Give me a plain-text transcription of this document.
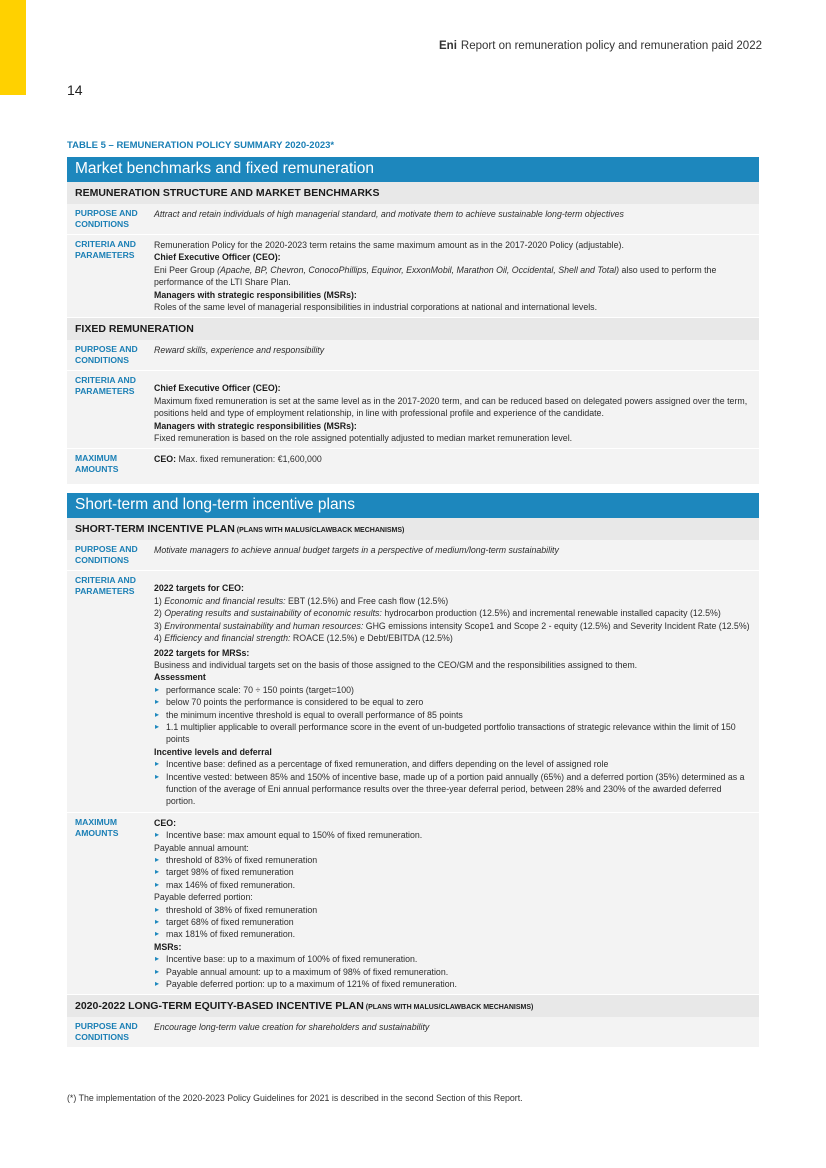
Eni Report on remuneration policy and remuneration paid 2022
14
TABLE 5 – REMUNERATION POLICY SUMMARY 2020-2023*
Market benchmarks and fixed remuneration
REMUNERATION STRUCTURE AND MARKET BENCHMARKS
PURPOSE AND CONDITIONS
Attract and retain individuals of high managerial standard, and motivate them to achieve sustainable long-term objectives
CRITERIA AND PARAMETERS
Remuneration Policy for the 2020-2023 term retains the same maximum amount as in the 2017-2020 Policy (adjustable).
Chief Executive Officer (CEO):
Eni Peer Group (Apache, BP, Chevron, ConocoPhillips, Equinor, ExxonMobil, Marathon Oil, Occidental, Shell and Total) also used to perform the performance of the LTI Share Plan.
Managers with strategic responsibilities (MSRs):
Roles of the same level of managerial responsibilities in industrial corporations at national and international levels.
FIXED REMUNERATION
PURPOSE AND CONDITIONS
Reward skills, experience and responsibility
CRITERIA AND PARAMETERS	Chief Executive Officer (CEO):
Maximum fixed remuneration is set at the same level as in the 2017-2020 term, and can be reduced based on delegated powers assigned over the term, positions held and type of employment relationship, in line with professional profile and experience of the candidate.
Managers with strategic responsibilities (MSRs):
Fixed remuneration is based on the role assigned potentially adjusted to median market remuneration level.
MAXIMUM AMOUNTS
CEO: Max. fixed remuneration: €1,600,000
Short-term and long-term incentive plans
SHORT-TERM INCENTIVE PLAN (PLANS WITH MALUS/CLAWBACK MECHANISMS)
PURPOSE AND CONDITIONS
Motivate managers to achieve annual budget targets in a perspective of medium/long-term sustainability
CRITERIA AND PARAMETERS	2022 targets for CEO:
1) Economic and financial results: EBT (12.5%) and Free cash flow (12.5%)
2) Operating results and sustainability of economic results: hydrocarbon production (12.5%) and incremental renewable installed capacity (12.5%)
3) Environmental sustainability and human resources: GHG emissions intensity Scope1 and Scope 2 - equity (12.5%) and Severity Incident Rate (12.5%)
4) Efficiency and financial strength: ROACE (12.5%) e Debt/EBITDA (12.5%)
2022 targets for MRSs:
Business and individual targets set on the basis of those assigned to the CEO/GM and the responsibilities assigned to them.
Assessment
▸ performance scale: 70 ÷ 150 points (target=100)
▸ below 70 points the performance is considered to be equal to zero
▸ the minimum incentive threshold is equal to overall performance of 85 points
▸ 1.1 multiplier applicable to overall performance score in the event of un-budgeted portfolio transactions of strategic relevance within the limit of 150 points
Incentive levels and deferral
▸ Incentive base: defined as a percentage of fixed remuneration, and differs depending on the level of assigned role
▸ Incentive vested: between 85% and 150% of incentive base, made up of a portion paid annually (65%) and a deferred portion (35%) determined as a function of the average of Eni annual performance results over the three-year deferral period, between 28% and 230% of the awarded deferred portion.
MAXIMUM AMOUNTS
CEO:
▸ Incentive base: max amount equal to 150% of fixed remuneration.
Payable annual amount:
▸ threshold of 83% of fixed remuneration
▸ target 98% of fixed remuneration
▸ max 146% of fixed remuneration.
Payable deferred portion:
▸ threshold of 38% of fixed remuneration
▸ target 68% of fixed remuneration
▸ max 181% of fixed remuneration.
MSRs:
▸ Incentive base: up to a maximum of 100% of fixed remuneration.
▸ Payable annual amount: up to a maximum of 98% of fixed remuneration.
▸ Payable deferred portion: up to a maximum of 121% of fixed remuneration.
2020-2022 LONG-TERM EQUITY-BASED INCENTIVE PLAN (PLANS WITH MALUS/CLAWBACK MECHANISMS)
PURPOSE AND CONDITIONS
Encourage long-term value creation for shareholders and sustainability
(*) The implementation of the 2020-2023 Policy Guidelines for 2021 is described in the second Section of this Report.
